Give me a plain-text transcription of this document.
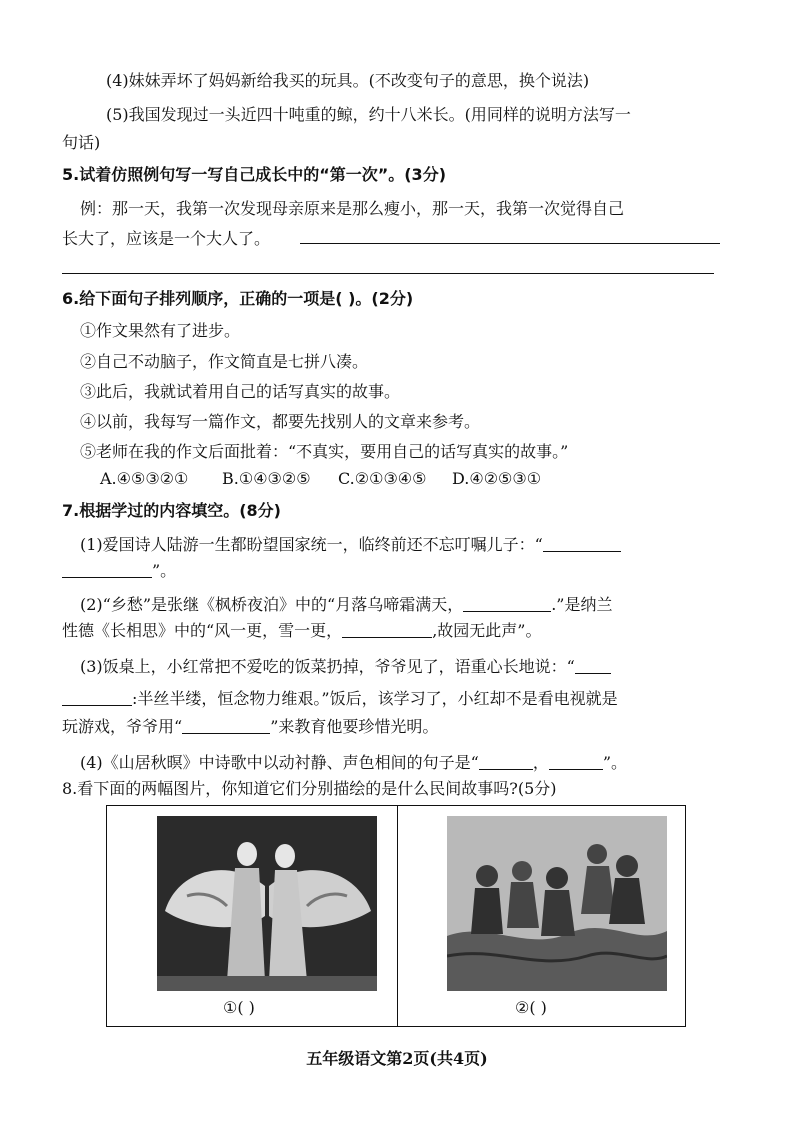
(4)妹妹弄坏了妈妈新给我买的玩具。(不改变句子的意思，换个说法)
(5)我国发现过一头近四十吨重的鲸，约十八米长。(用同样的说明方法写一
句话)
5.试着仿照例句写一写自己成长中的“第一次”。(3分)
例：那一天，我第一次发现母亲原来是那么瘦小，那一天，我第一次觉得自己
长大了，应该是一个大人了。
6.给下面句子排列顺序，正确的一项是( )。(2分)
①作文果然有了进步。
②自己不动脑子，作文简直是七拼八凑。
③此后，我就试着用自己的话写真实的故事。
④以前，我每写一篇作文，都要先找别人的文章来参考。
⑤老师在我的作文后面批着：“不真实，要用自己的话写真实的故事。”
A.④⑤③②① B.①④③②⑤ C.②①③④⑤ D.④②⑤③①
7.根据学过的内容填空。(8分)
(1)爱国诗人陆游一生都盼望国家统一，临终前还不忘叮嘱儿子：“
”。
(2)“乡愁”是张继《枫桥夜泊》中的“月落乌啼霜满天，	.”是纳兰
性德《长相思》中的“风一更，雪一更，	,故园无此声”。
(3)饭桌上，小红常把不爱吃的饭菜扔掉，爷爷见了，语重心长地说：“
:半丝半缕，恒念物力维艰。”饭后，该学习了，小红却不是看电视就是
玩游戏，爷爷用“	”来教育他要珍惜光明。
(4)《山居秋暝》中诗歌中以动衬静、声色相间的句子是“	，	”。
8.看下面的两幅图片，你知道它们分别描绘的是什么民间故事吗?(5分)
①( )	②( )
五年级语文第2页(共4页)
